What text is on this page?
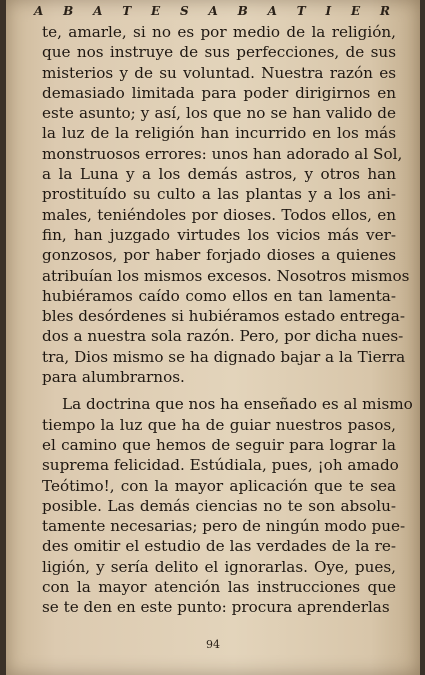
A B A T E S A B A T I E R
te, amarle, si no es por medio de la religión,
que nos instruye de sus perfecciones, de sus
misterios y de su voluntad. Nuestra razón es
demasiado limitada para poder dirigirnos en
este asunto; y así, los que no se han valido de
la luz de la religión han incurrido en los más
monstruosos errores: unos han adorado al Sol,
a la Luna y a los demás astros, y otros han
prostituído su culto a las plantas y a los ani-
males, teniéndoles por dioses. Todos ellos, en
fin, han juzgado virtudes los vicios más ver-
gonzosos, por haber forjado dioses a quienes
atribuían los mismos excesos. Nosotros mismos
hubiéramos caído como ellos en tan lamenta-
bles desórdenes si hubiéramos estado entrega-
dos a nuestra sola razón. Pero, por dicha nues-
tra, Dios mismo se ha dignado bajar a la Tierra
para alumbrarnos.
La doctrina que nos ha enseñado es al mismo
tiempo la luz que ha de guiar nuestros pasos,
el camino que hemos de seguir para lograr la
suprema felicidad. Estúdiala, pues, ¡oh amado
Teótimo!, con la mayor aplicación que te sea
posible. Las demás ciencias no te son absolu-
tamente necesarias; pero de ningún modo pue-
des omitir el estudio de las verdades de la re-
ligión, y sería delito el ignorarlas. Oye, pues,
con la mayor atención las instrucciones que
se te den en este punto: procura aprenderlas
94
